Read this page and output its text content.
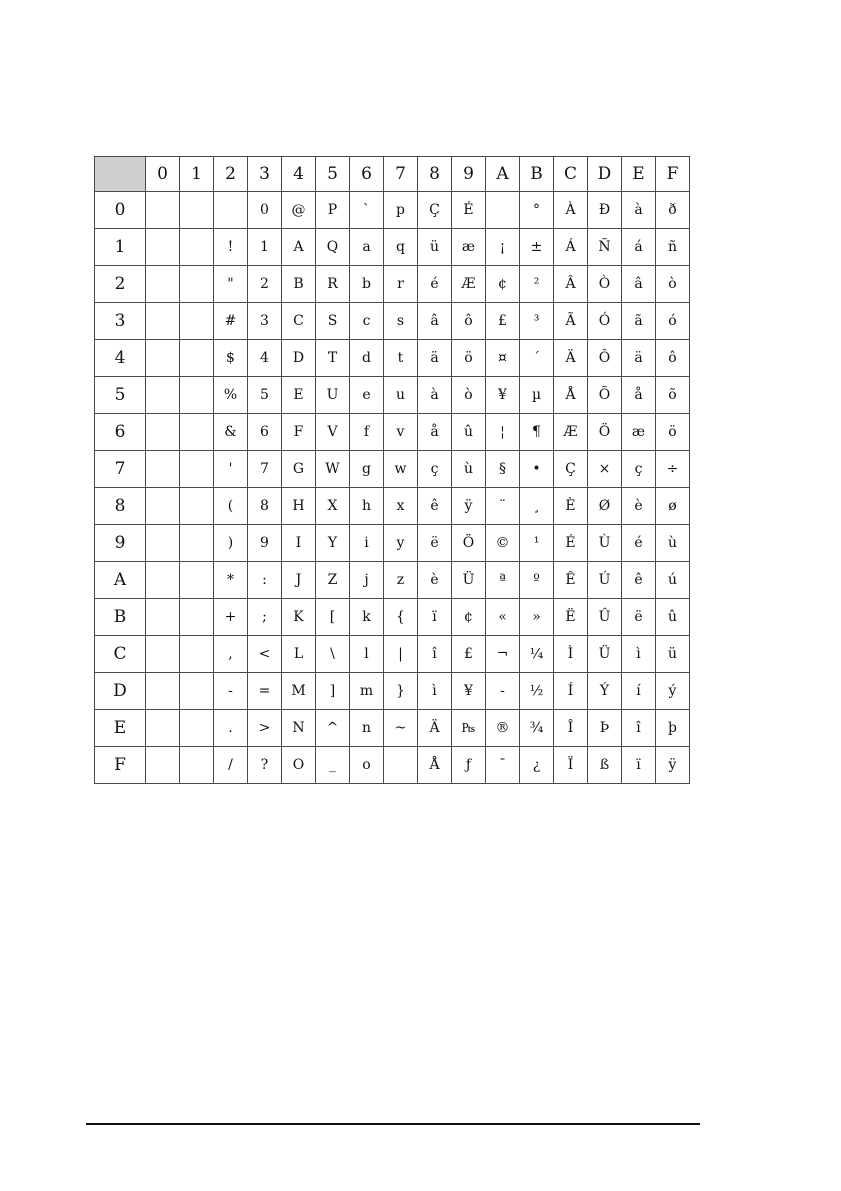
	0	1	2	3	4	5	6	7	8	9	A	B	C	D	E	F
0				0	@	P	`	p	Ç	É		°	À	Đ	à	ð
1			!	1	A	Q	a	q	ü	æ	¡	±	Á	Ñ	á	ñ
2			"	2	B	R	b	r	é	Æ	¢	²	Â	Ò	â	ò
3			#	3	C	S	c	s	â	ô	£	³	Ã	Ó	ã	ó
4			$	4	D	T	d	t	ä	ö	¤	´	Ä	Ô	ä	ô
5			%	5	E	U	e	u	à	ò	¥	µ	Å	Õ	å	õ
6			&	6	F	V	f	v	å	û	¦	¶	Æ	Ö	æ	ö
7			'	7	G	W	g	w	ç	ù	§	•	Ç	×	ç	÷
8			(	8	H	X	h	x	ê	ÿ	¨	¸	È	Ø	è	ø
9			)	9	I	Y	i	y	ë	Ö	©	¹	É	Ù	é	ù
A			*	:	J	Z	j	z	è	Ü	ª	º	Ê	Ú	ê	ú
B			+	;	K	[	k	{	ï	¢	«	»	Ë	Û	ë	û
C			,	<	L	\	l	|	î	£	¬	¼	Ì	Ü	ì	ü
D			-	=	M	]	m	}	ì	¥	-	½	Í	Ý	í	ý
E			.	>	N	^	n	~	Ä	₧	®	¾	Î	Þ	î	þ
F			/	?	O	_	o		Å	ƒ	¯	¿	Ï	ß	ï	ÿ
